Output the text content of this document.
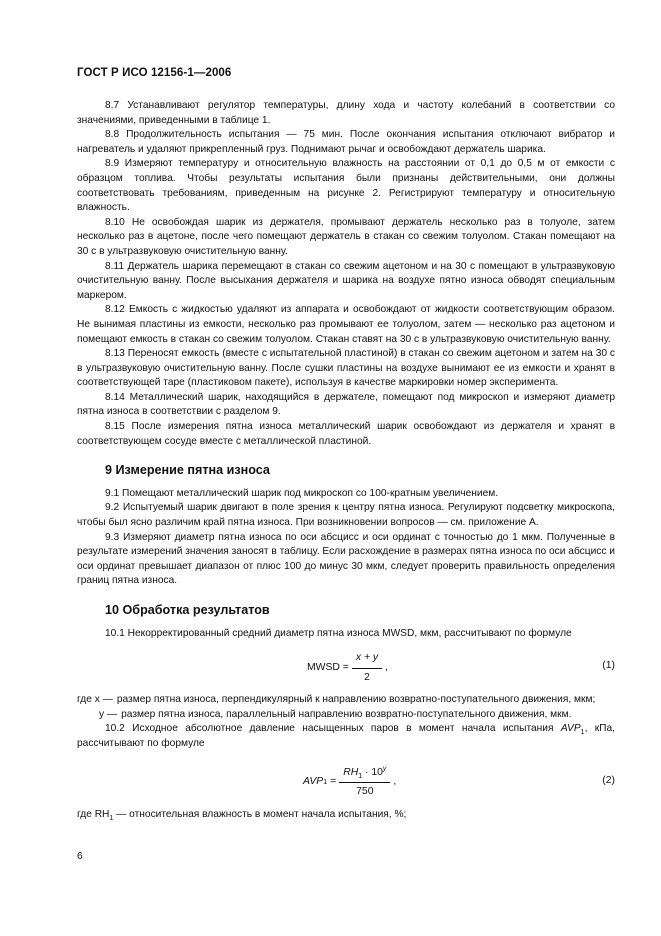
ГОСТ Р ИСО 12156-1—2006

8.7 Устанавливают регулятор температуры, длину хода и частоту колебаний в соответствии со значениями, приведенными в таблице 1.

8.8 Продолжительность испытания — 75 мин. После окончания испытания отключают вибратор и нагреватель и удаляют прикрепленный груз. Поднимают рычаг и освобождают держатель шарика.

8.9 Измеряют температуру и относительную влажность на расстоянии от 0,1 до 0,5 м от емкости с образцом топлива. Чтобы результаты испытания были признаны действительными, они должны соответствовать требованиям, приведенным на рисунке 2. Регистрируют температуру и относительную влажность.

8.10 Не освобождая шарик из держателя, промывают держатель несколько раз в толуоле, затем несколько раз в ацетоне, после чего помещают держатель в стакан со свежим толуолом. Стакан помещают на 30 с в ультразвуковую очистительную ванну.

8.11 Держатель шарика перемещают в стакан со свежим ацетоном и на 30 с помещают в ультразвуковую очистительную ванну. После высыхания держателя и шарика на воздухе пятно износа обводят специальным маркером.

8.12 Емкость с жидкостью удаляют из аппарата и освобождают от жидкости соответствующим образом. Не вынимая пластины из емкости, несколько раз промывают ее толуолом, затем — несколько раз ацетоном и помещают емкость в стакан со свежим толуолом. Стакан ставят на 30 с в ультразвуковую очистительную ванну.

8.13 Переносят емкость (вместе с испытательной пластиной) в стакан со свежим ацетоном и затем на 30 с в ультразвуковую очистительную ванну. После сушки пластины на воздухе вынимают ее из емкости и хранят в соответствующей таре (пластиковом пакете), используя в качестве маркировки номер эксперимента.

8.14 Металлический шарик, находящийся в держателе, помещают под микроскоп и измеряют диаметр пятна износа в соответствии с разделом 9.

8.15 После измерения пятна износа металлический шарик освобождают из держателя и хранят в соответствующем сосуде вместе с металлической пластиной.

9 Измерение пятна износа

9.1 Помещают металлический шарик под микроскоп со 100-кратным увеличением.

9.2 Испытуемый шарик двигают в поле зрения к центру пятна износа. Регулируют подсветку микроскопа, чтобы был ясно различим край пятна износа. При возникновении вопросов — см. приложение А.

9.3 Измеряют диаметр пятна износа по оси абсцисс и оси ординат с точностью до 1 мкм. Полученные в результате измерений значения заносят в таблицу. Если расхождение в размерах пятна износа по оси абсцисс и оси ординат превышает диапазон от плюс 100 до минус 30 мкм, следует проверить правильность определения границ пятна износа.

10 Обработка результатов

10.1 Некорректированный средний диаметр пятна износа MWSD, мкм, рассчитывают по формуле

MWSD = $\frac{x + y}{2}$ ,	(1)
где x — размер пятна износа, перпендикулярный к направлению возвратно-поступательного движения, мкм;
y — размер пятна износа, параллельный направлению возвратно-поступательного движения, мкм.

10.2 Исходное абсолютное давление насыщенных паров в момент начала испытания $AVP_1$, кПа, рассчитывают по формуле

AVP $1 = \frac{RH_1 \cdot 10^y}{750}$ ,	(2)

где $RH_1$ — относительная влажность в момент начала испытания, %;

6
